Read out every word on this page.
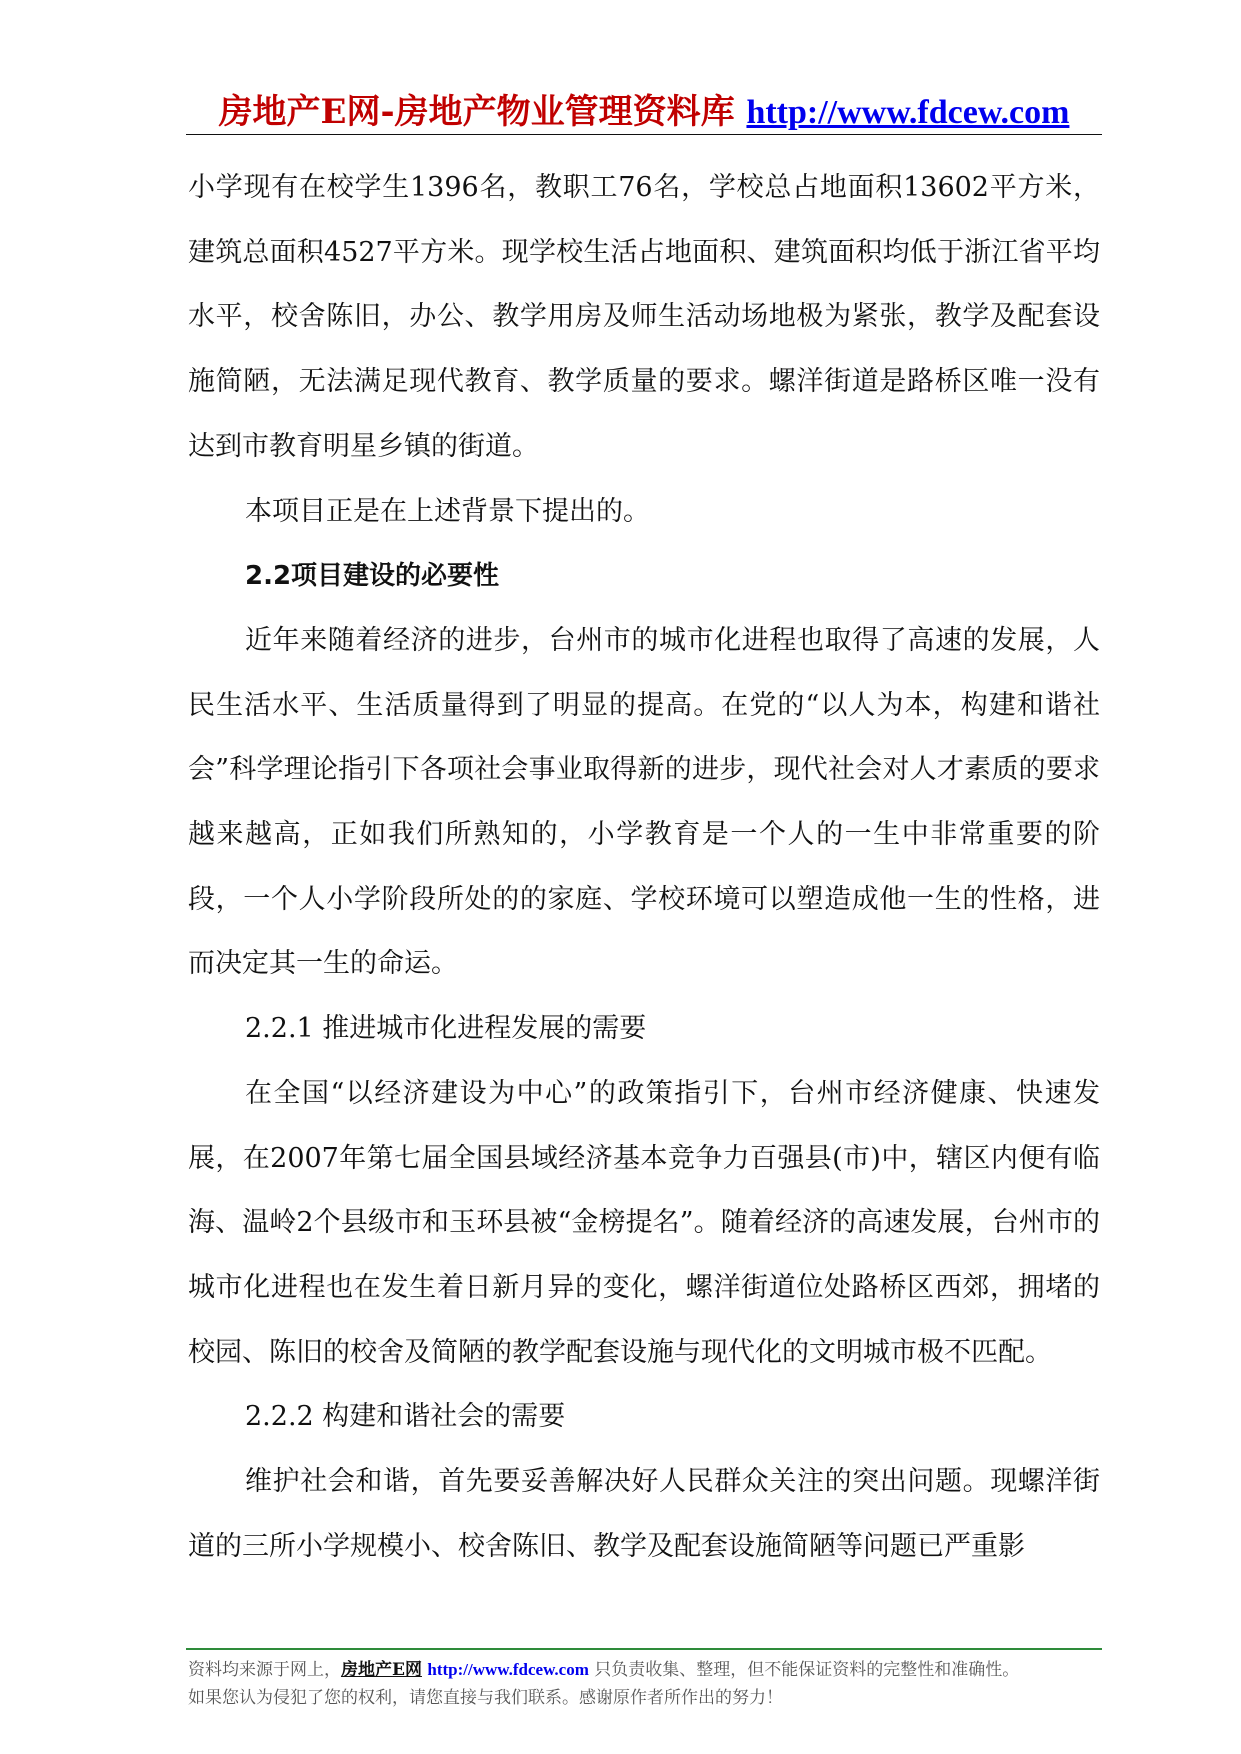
房地产E网-房地产物业管理资料库 http://www.fdcew.com

小学现有在校学生1396名，教职工76名，学校总占地面积13602平方米，建筑总面积4527平方米。现学校生活占地面积、建筑面积均低于浙江省平均水平，校舍陈旧，办公、教学用房及师生活动场地极为紧张，教学及配套设施简陋，无法满足现代教育、教学质量的要求。螺洋街道是路桥区唯一没有达到市教育明星乡镇的街道。

本项目正是在上述背景下提出的。

2.2项目建设的必要性

近年来随着经济的进步，台州市的城市化进程也取得了高速的发展，人民生活水平、生活质量得到了明显的提高。在党的“以人为本，构建和谐社会”科学理论指引下各项社会事业取得新的进步，现代社会对人才素质的要求越来越高，正如我们所熟知的，小学教育是一个人的一生中非常重要的阶段，一个人小学阶段所处的的家庭、学校环境可以塑造成他一生的性格，进而决定其一生的命运。

2.2.1 推进城市化进程发展的需要

在全国“以经济建设为中心”的政策指引下，台州市经济健康、快速发展，在2007年第七届全国县域经济基本竞争力百强县(市)中，辖区内便有临海、温岭2个县级市和玉环县被“金榜提名”。随着经济的高速发展，台州市的城市化进程也在发生着日新月异的变化，螺洋街道位处路桥区西郊，拥堵的校园、陈旧的校舍及简陋的教学配套设施与现代化的文明城市极不匹配。

2.2.2 构建和谐社会的需要

维护社会和谐，首先要妥善解决好人民群众关注的突出问题。现螺洋街道的三所小学规模小、校舍陈旧、教学及配套设施简陋等问题已严重影

资料均来源于网上，房地产E网 http://www.fdcew.com 只负责收集、整理，但不能保证资料的完整性和准确性。
如果您认为侵犯了您的权利，请您直接与我们联系。感谢原作者所作出的努力！
